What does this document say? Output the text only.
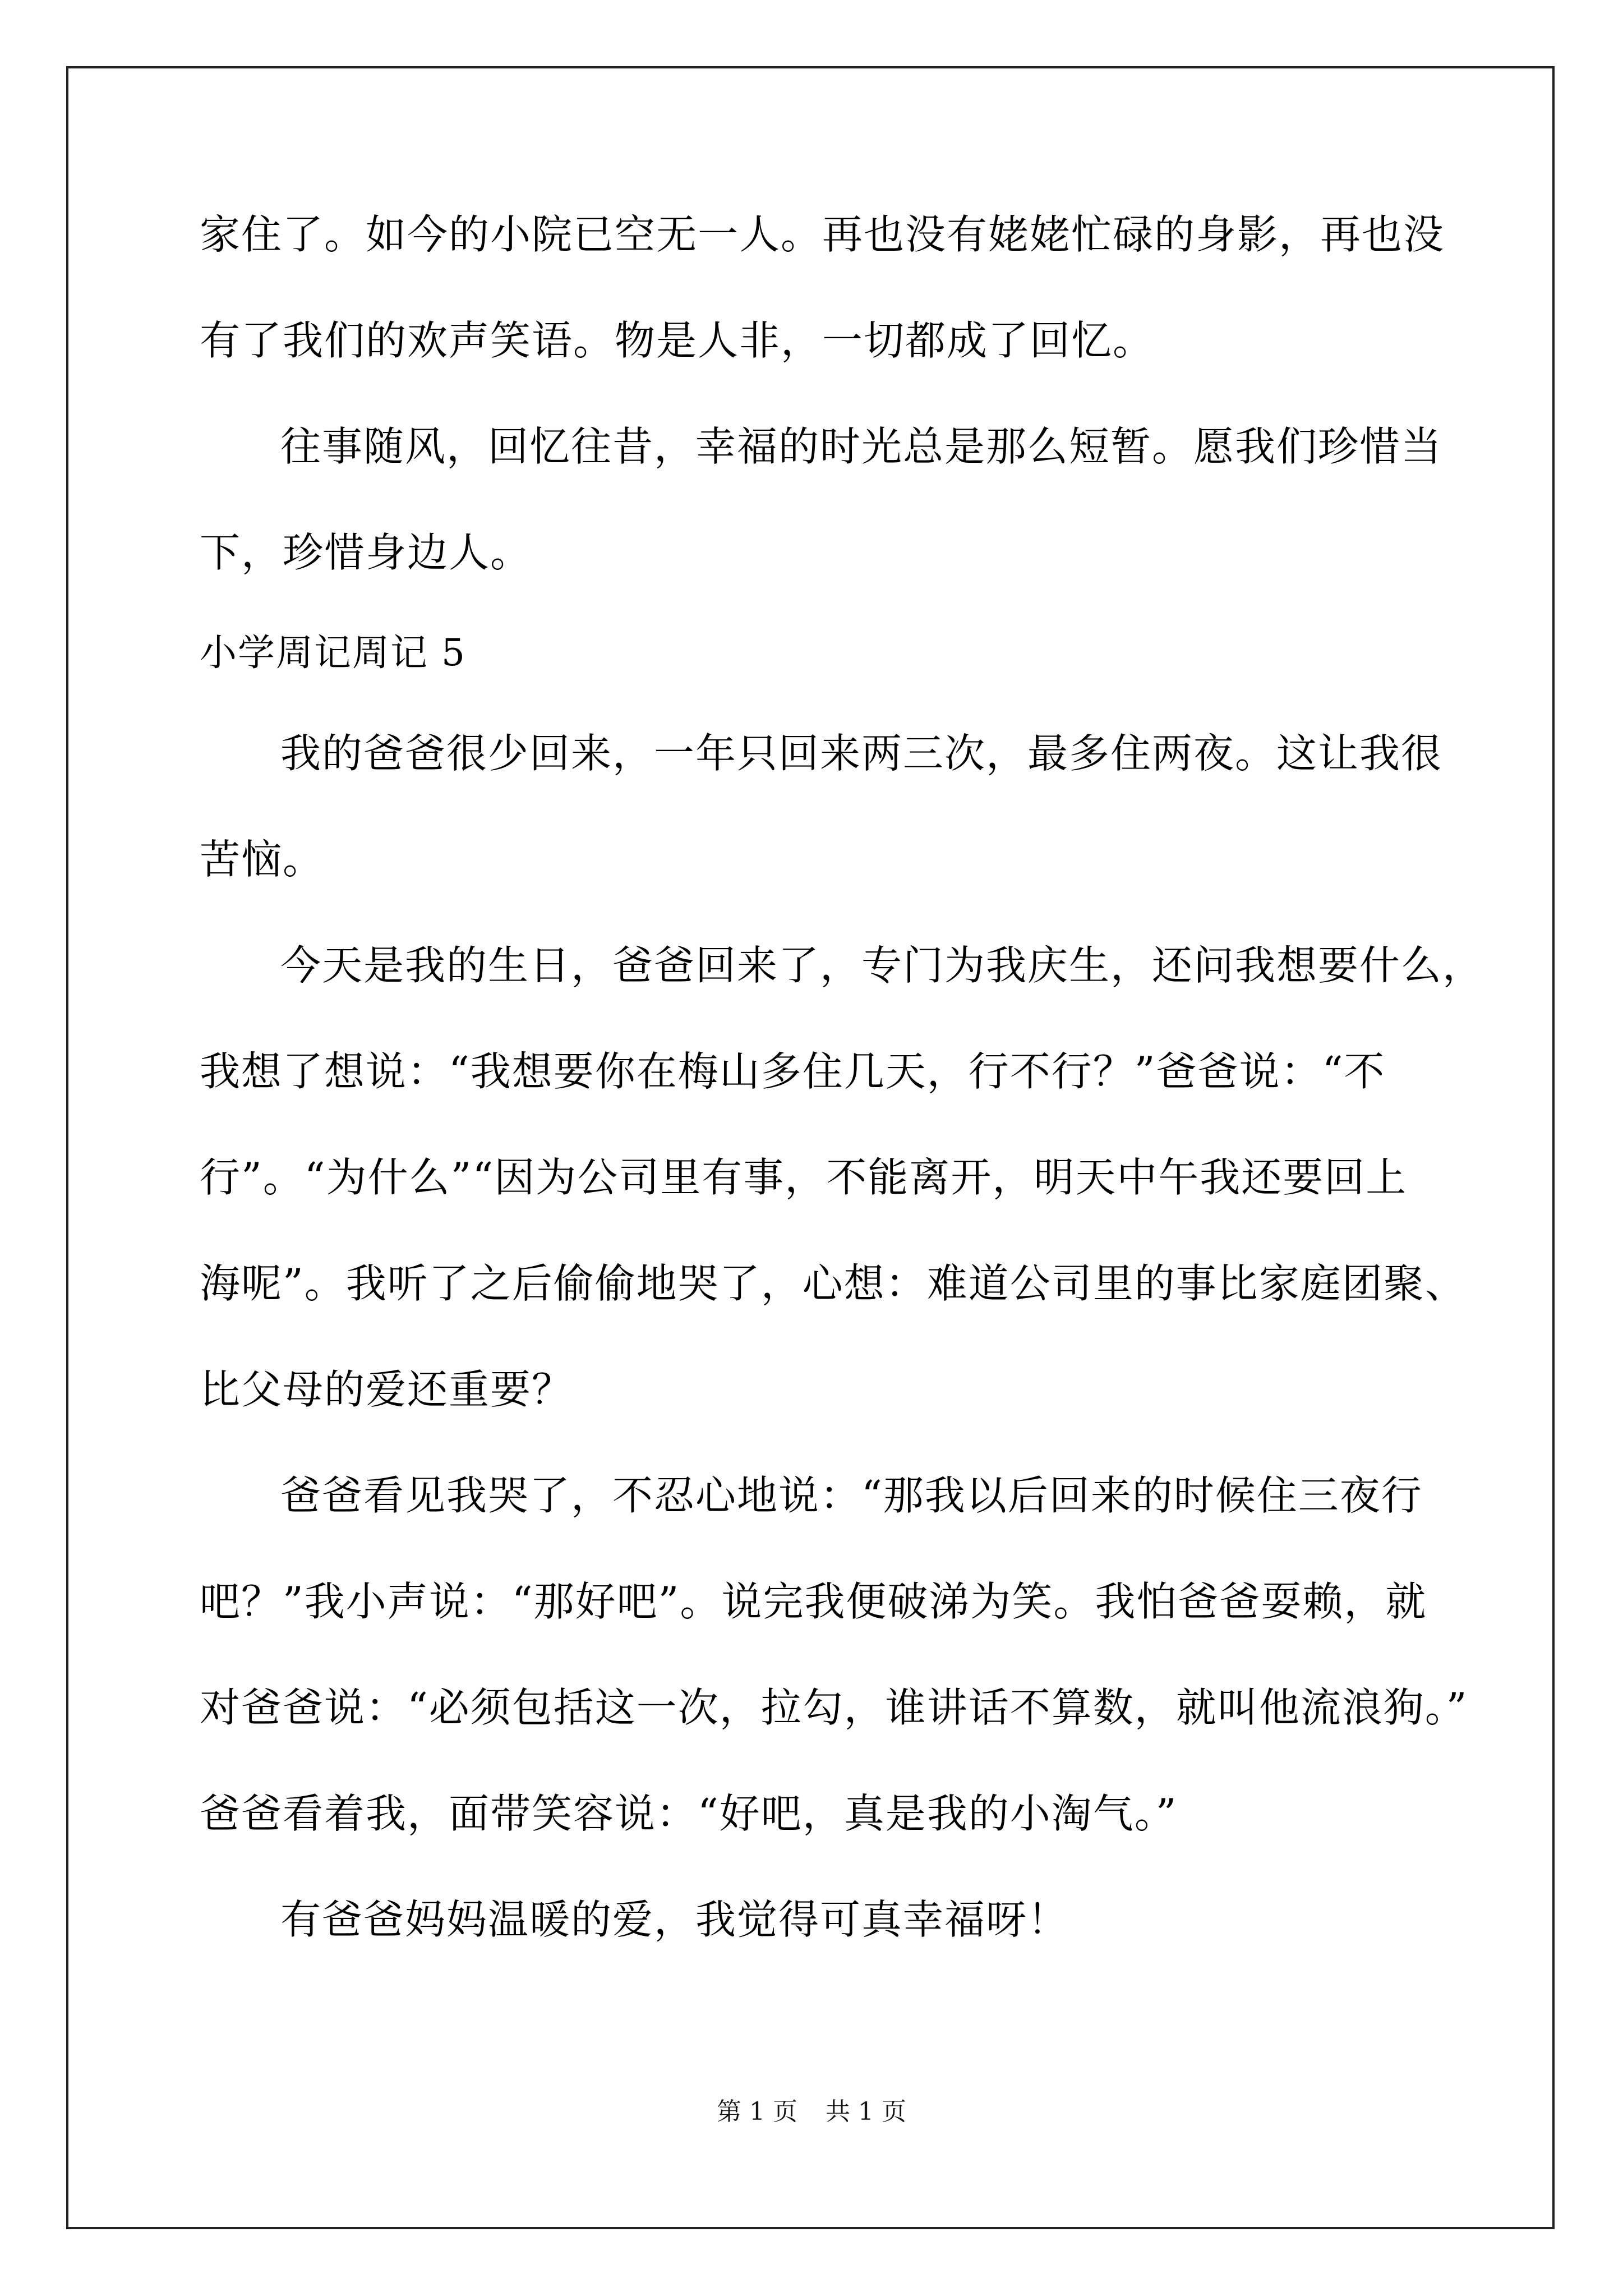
家住了。如今的小院已空无一人。再也没有姥姥忙碌的身影，再也没
有了我们的欢声笑语。物是人非，一切都成了回忆。
往事随风，回忆往昔，幸福的时光总是那么短暂。愿我们珍惜当
下，珍惜身边人。
小学周记周记 5
我的爸爸很少回来，一年只回来两三次，最多住两夜。这让我很
苦恼。
今天是我的生日，爸爸回来了，专门为我庆生，还问我想要什么，
我想了想说：“我想要你在梅山多住几天，行不行？”爸爸说：“不
行”。“为什么”“因为公司里有事，不能离开，明天中午我还要回上
海呢”。我听了之后偷偷地哭了，心想：难道公司里的事比家庭团聚、
比父母的爱还重要？
爸爸看见我哭了，不忍心地说：“那我以后回来的时候住三夜行
吧？”我小声说：“那好吧”。说完我便破涕为笑。我怕爸爸耍赖，就
对爸爸说：“必须包括这一次，拉勾，谁讲话不算数，就叫他流浪狗。”
爸爸看着我，面带笑容说：“好吧，真是我的小淘气。”
有爸爸妈妈温暖的爱，我觉得可真幸福呀！
第 1 页 共 1 页
